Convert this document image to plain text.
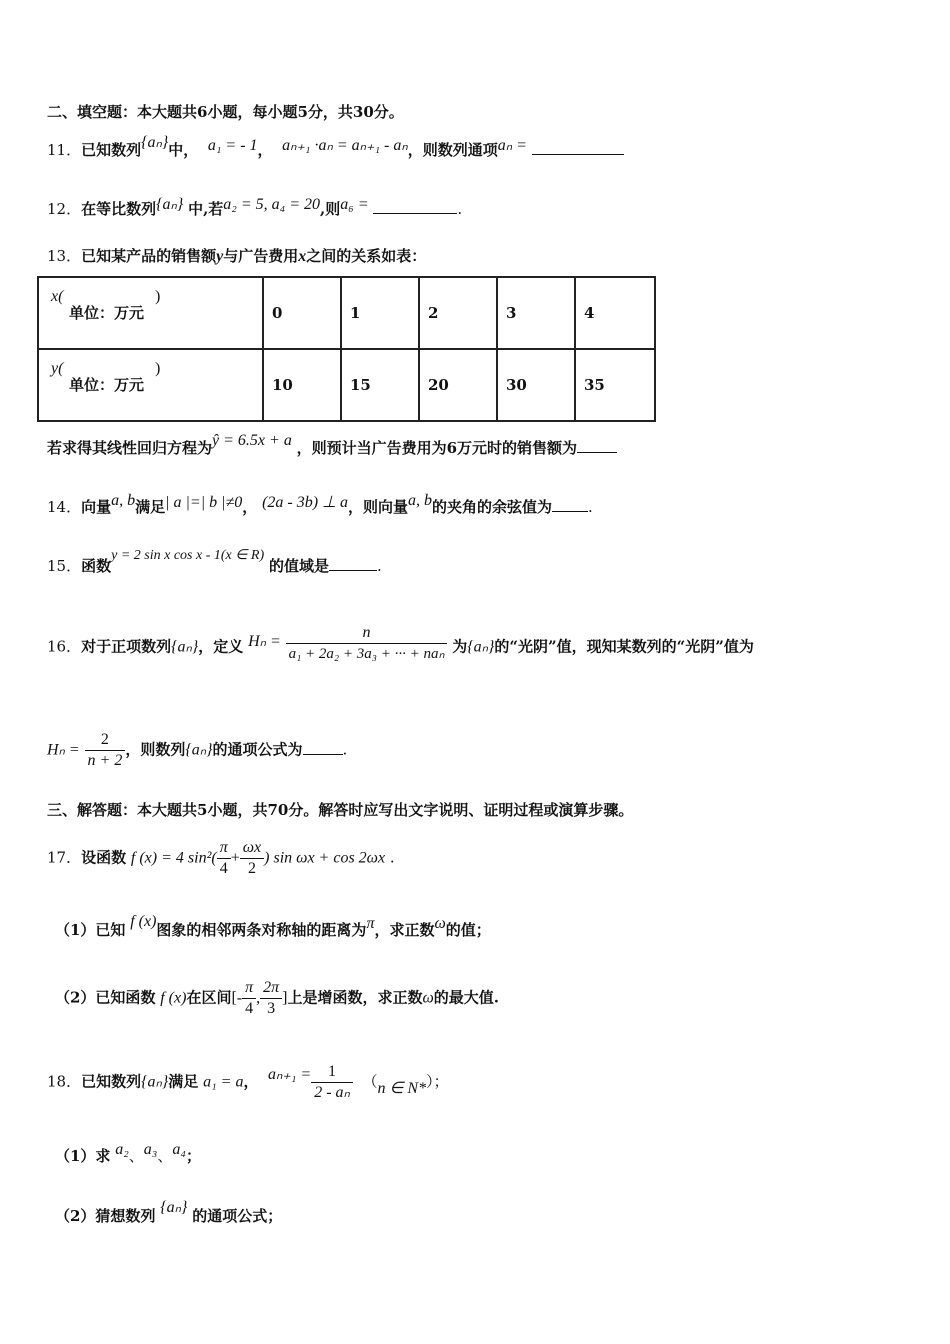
二、填空题：本大题共6小题，每小题5分，共30分。
11．已知数列{aₙ}中， a₁ = - 1， aₙ₊₁ ·aₙ = aₙ₊₁ - aₙ，则数列通项aₙ =
12．在等比数列{aₙ} 中,若a₂ = 5, a₄ = 20,则a₆ =	.
13．已知某产品的销售额y与广告费用x之间的关系如表：
x(
单位：万元
)	0	1	2	3	4

y(
单位：万元
)	10	15	20	30	35
若求得其线性回归方程为ŷ = 6.5x + a ，则预计当广告费用为6万元时的销售额为
14．向量a, b满足| a |=| b |≠0， (2a - 3b) ⊥ a，则向量a, b的夹角的余弦值为 .
15．函数y = 2 sin x cos x - 1(x ∈ R) 的值域是	.
16．对于正项数列{aₙ}，定义 $H_n = \frac{n}{\text{a₁ + 2a₂ + 3a₃ + ··· + naₙ}}$ 为{aₙ}的“光阴”值，现知某数列的“光阴”值为
$H_n = \frac{2}{n + 2}$ ，则数列{aₙ}的通项公式为	.
三、解答题：本大题共5小题，共70分。解答时应写出文字说明、证明过程或演算步骤。
17．设函数 f (x) = 4 $\sin^2( \frac{\pi}{4} + \frac{\omega x}{2}$ ) sin ωx + cos 2ωx .
（1）已知 f (x)图象的相邻两条对称轴的距离为π，求正数ω的值；
（2）已知函数 f (x)在区间[- $\frac{\pi}{4}$ , $\frac{2\pi}{3}$ ]上是增函数，求正数ω的最大值.
18．已知数列{aₙ}满足 a₁ = a， $a_{n+1} = \frac{1}{\text{2 - aₙ}} (n$ ∈ N*）；
（1）求 a₂、a₃、a₄；
（2）猜想数列 {aₙ} 的通项公式；
